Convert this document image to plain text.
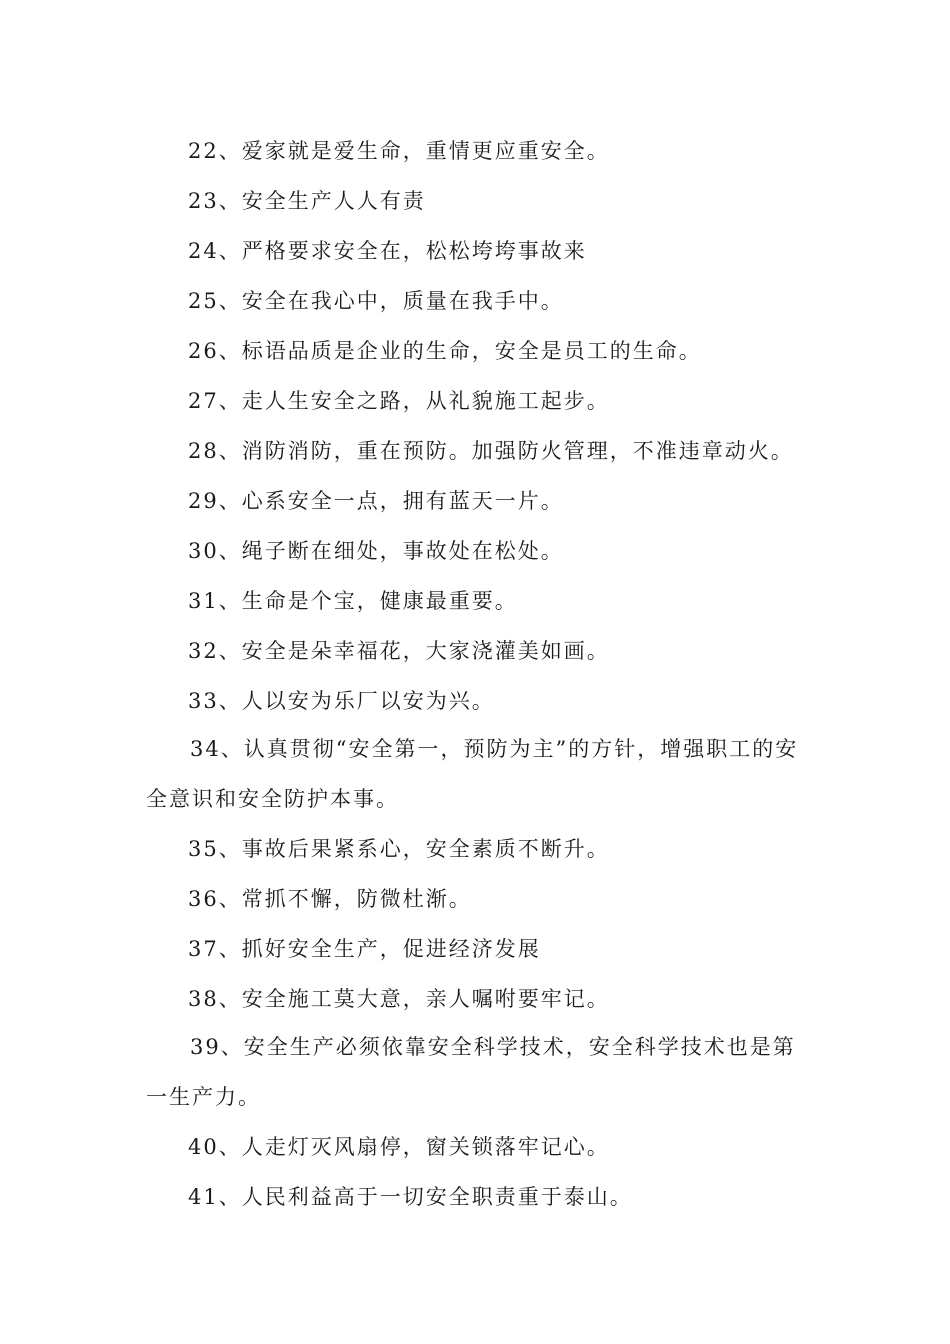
22、爱家就是爱生命，重情更应重安全。

23、安全生产人人有责

24、严格要求安全在，松松垮垮事故来

25、安全在我心中，质量在我手中。

26、标语品质是企业的生命，安全是员工的生命。

27、走人生安全之路，从礼貌施工起步。

28、消防消防，重在预防。加强防火管理，不准违章动火。

29、心系安全一点，拥有蓝天一片。

30、绳子断在细处，事故处在松处。

31、生命是个宝，健康最重要。

32、安全是朵幸福花，大家浇灌美如画。

33、人以安为乐厂以安为兴。

34、认真贯彻“安全第一，预防为主”的方针，增强职工的安全意识和安全防护本事。

35、事故后果紧系心，安全素质不断升。

36、常抓不懈，防微杜渐。

37、抓好安全生产，促进经济发展

38、安全施工莫大意，亲人嘱咐要牢记。

39、安全生产必须依靠安全科学技术，安全科学技术也是第一生产力。

40、人走灯灭风扇停，窗关锁落牢记心。

41、人民利益高于一切安全职责重于泰山。
